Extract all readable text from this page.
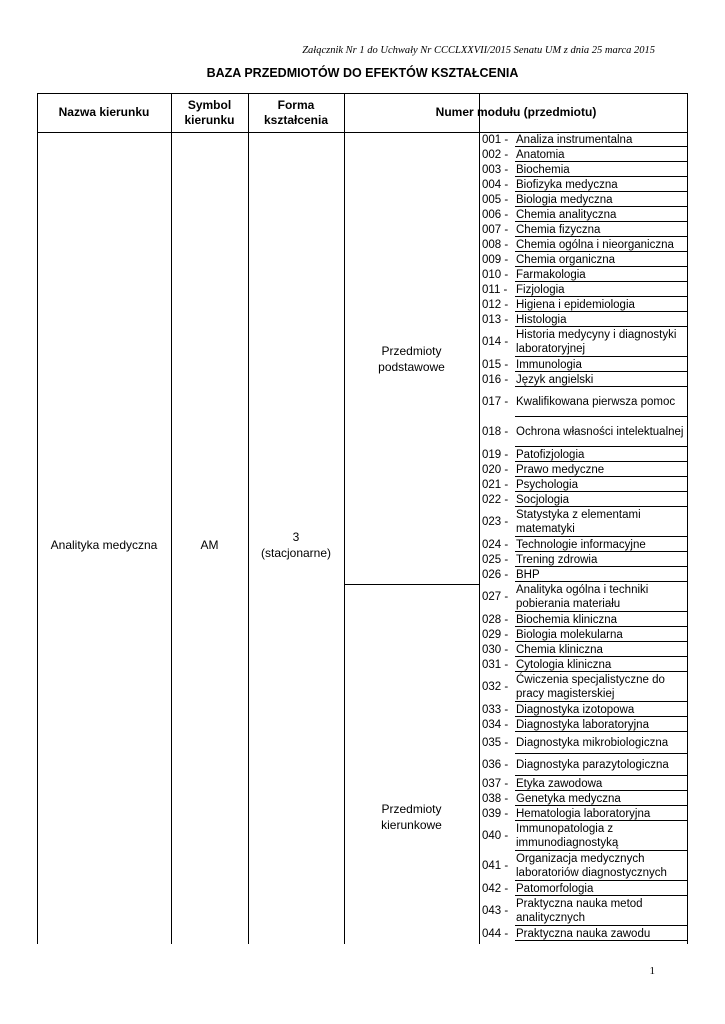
Załącznik Nr 1 do Uchwały Nr CCCLXXVII/2015 Senatu UM z dnia 25 marca 2015
BAZA PRZEDMIOTÓW DO EFEKTÓW KSZTAŁCENIA
Nazwa kierunku
Symbol
kierunku
Forma
kształcenia
Numer modułu (przedmiotu)
Analityka medyczna	AM
3
(stacjonarne)
Przedmioty
podstawowe
Przedmioty
kierunkowe
001 - Analiza instrumentalna
002 - Anatomia
003 - Biochemia
004 - Biofizyka medyczna
005 - Biologia medyczna
006 - Chemia analityczna
007 - Chemia fizyczna
008 - Chemia ogólna i nieorganiczna
009 - Chemia organiczna
010 - Farmakologia
011 - Fizjologia
012 - Higiena i epidemiologia
013 - Histologia
014 -
Historia medycyny i diagnostyki laboratoryjnej
015 - Immunologia
016 - Język angielski
017 - Kwalifikowana pierwsza pomoc
018 - Ochrona własności intelektualnej
019 - Patofizjologia
020 - Prawo medyczne
021 - Psychologia
022 - Socjologia
023 -
Statystyka z elementami matematyki
024 - Technologie informacyjne
025 - Trening zdrowia
026 - BHP
027 -
Analityka ogólna i techniki pobierania materiału
028 - Biochemia kliniczna
029 - Biologia molekularna
030 - Chemia kliniczna
031 - Cytologia kliniczna
032 -
Ćwiczenia specjalistyczne do pracy magisterskiej
033 - Diagnostyka izotopowa
034 - Diagnostyka laboratoryjna
035 - Diagnostyka mikrobiologiczna
036 - Diagnostyka parazytologiczna
037 - Etyka zawodowa
038 - Genetyka medyczna
039 - Hematologia laboratoryjna
040 -
Immunopatologia z immunodiagnostyką
041 -
Organizacja medycznych laboratoriów diagnostycznych
042 - Patomorfologia
043 -
Praktyczna nauka metod analitycznych
044 - Praktyczna nauka zawodu
1
